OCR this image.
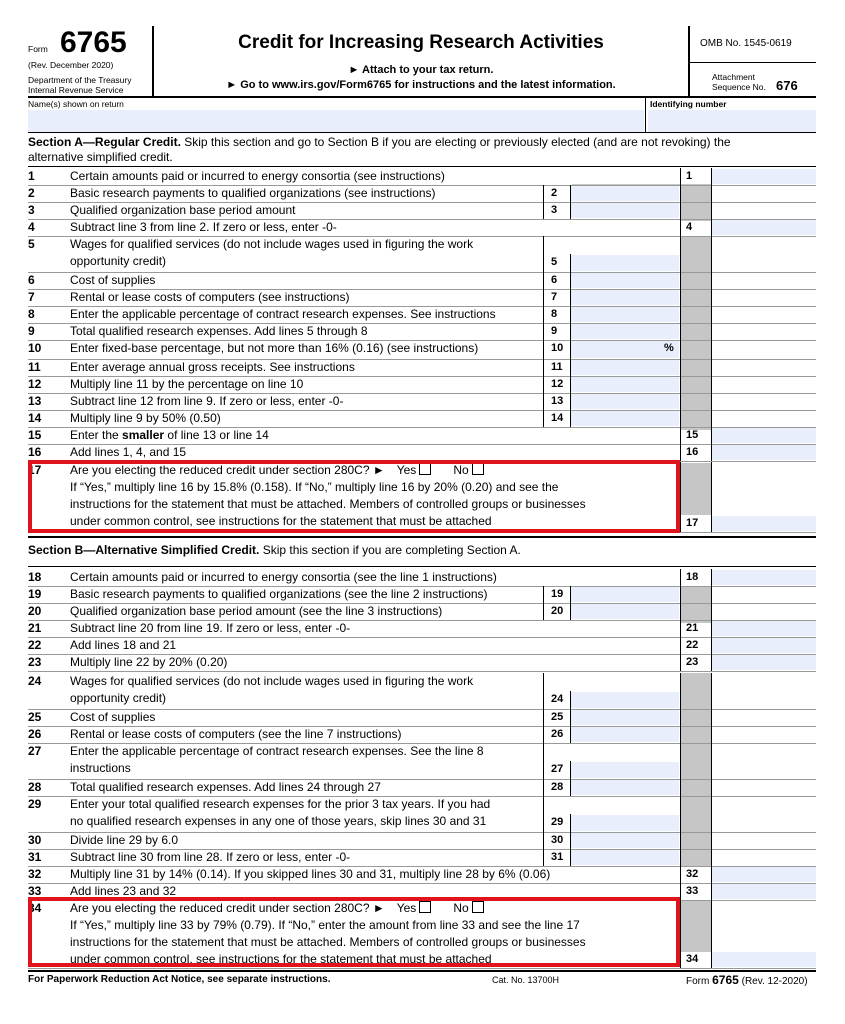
Form 6765
(Rev. December 2020)
Department of the Treasury
Internal Revenue Service
Credit for Increasing Research Activities
► Attach to your tax return.
► Go to www.irs.gov/Form6765 for instructions and the latest information.
OMB No. 1545-0619
Attachment
Sequence No. 676
Name(s) shown on return	Identifying number
Section A—Regular Credit. Skip this section and go to Section B if you are electing or previously elected (and are not revoking) the
alternative simplified credit.
1	Certain amounts paid or incurred to energy consortia (see instructions)	1
2	Basic research payments to qualified organizations (see instructions)	2
3	Qualified organization base period amount	3
4	Subtract line 3 from line 2. If zero or less, enter -0-	4
5	Wages for qualified services (do not include wages used in figuring the work
opportunity credit)	5
6	Cost of supplies	6
7	Rental or lease costs of computers (see instructions)	7
8	Enter the applicable percentage of contract research expenses. See instructions	8
9	Total qualified research expenses. Add lines 5 through 8	9
10	Enter fixed-base percentage, but not more than 16% (0.16) (see instructions)	10	%
11	Enter average annual gross receipts. See instructions	11
12	Multiply line 11 by the percentage on line 10	12
13	Subtract line 12 from line 9. If zero or less, enter -0-	13
14	Multiply line 9 by 50% (0.50)	14
15	Enter the smaller of line 13 or line 14	15
16	Add lines 1, 4, and 15	16
17	Are you electing the reduced credit under section 280C? ► Yes	No
If “Yes,” multiply line 16 by 15.8% (0.158). If “No,” multiply line 16 by 20% (0.20) and see the
instructions for the statement that must be attached. Members of controlled groups or businesses
under common control, see instructions for the statement that must be attached	17
Section B—Alternative Simplified Credit. Skip this section if you are completing Section A.
18	Certain amounts paid or incurred to energy consortia (see the line 1 instructions)	18
19	Basic research payments to qualified organizations (see the line 2 instructions)	19
20	Qualified organization base period amount (see the line 3 instructions)	20
21	Subtract line 20 from line 19. If zero or less, enter -0-	21
22	Add lines 18 and 21	22
23	Multiply line 22 by 20% (0.20)	23
24	Wages for qualified services (do not include wages used in figuring the work
opportunity credit)	24
25	Cost of supplies	25
26	Rental or lease costs of computers (see the line 7 instructions)	26
27	Enter the applicable percentage of contract research expenses. See the line 8
instructions	27
28	Total qualified research expenses. Add lines 24 through 27	28
29	Enter your total qualified research expenses for the prior 3 tax years. If you had
no qualified research expenses in any one of those years, skip lines 30 and 31	29
30	Divide line 29 by 6.0	30
31	Subtract line 30 from line 28. If zero or less, enter -0-	31
32	Multiply line 31 by 14% (0.14). If you skipped lines 30 and 31, multiply line 28 by 6% (0.06)	32
33	Add lines 23 and 32	33
34	Are you electing the reduced credit under section 280C? ► Yes	No
If “Yes,” multiply line 33 by 79% (0.79). If “No,” enter the amount from line 33 and see the line 17
instructions for the statement that must be attached. Members of controlled groups or businesses
under common control, see instructions for the statement that must be attached	34
For Paperwork Reduction Act Notice, see separate instructions.	Cat. No. 13700H	Form 6765 (Rev. 12-2020)
